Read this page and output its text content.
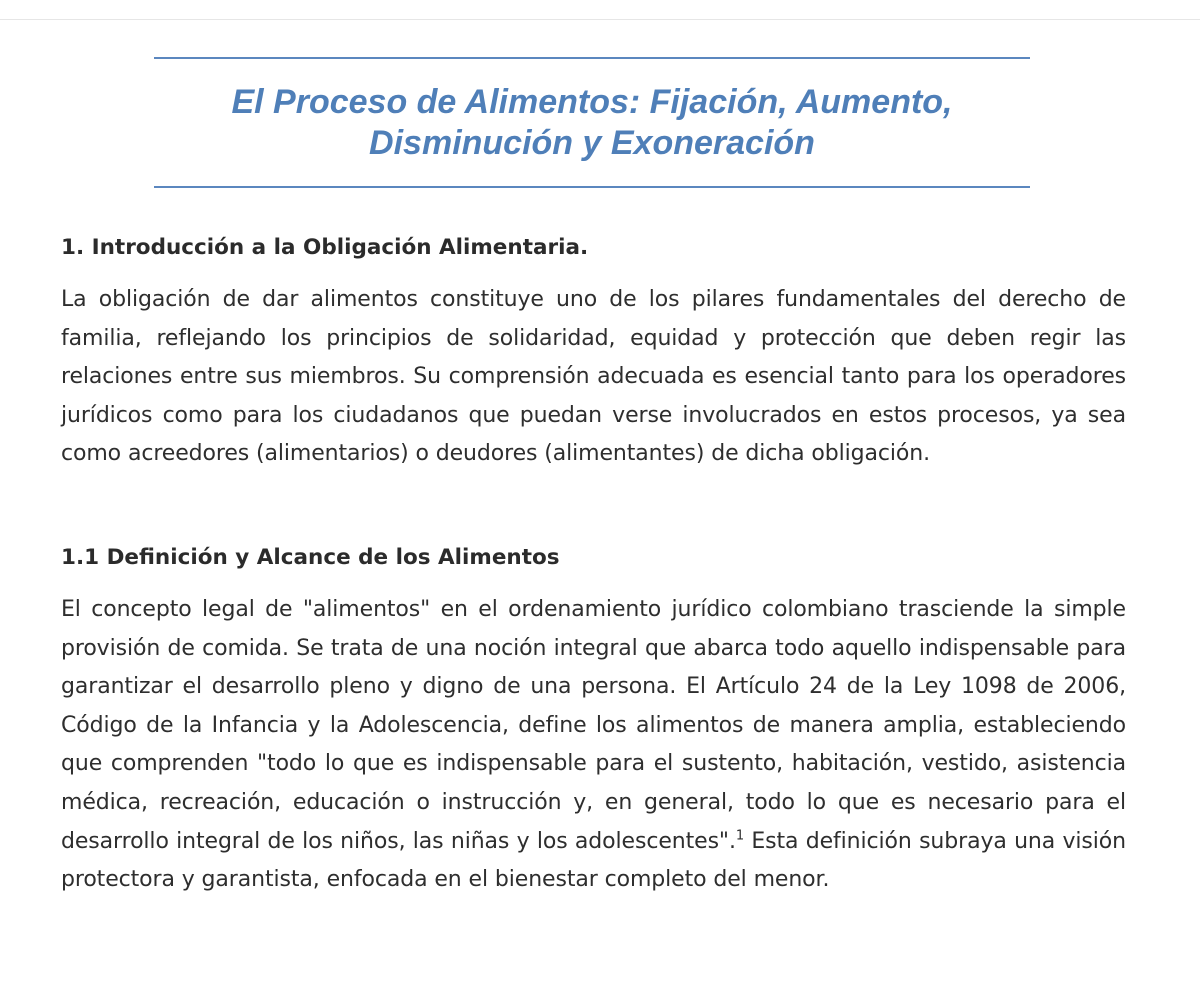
El Proceso de Alimentos: Fijación, Aumento,
Disminución y Exoneración
1. Introducción a la Obligación Alimentaria.

La obligación de dar alimentos constituye uno de los pilares fundamentales del derecho de familia, reflejando los principios de solidaridad, equidad y protección que deben regir las relaciones entre sus miembros. Su comprensión adecuada es esencial tanto para los operadores jurídicos como para los ciudadanos que puedan verse involucrados en estos procesos, ya sea como acreedores (alimentarios) o deudores (alimentantes) de dicha obligación.

1.1 Definición y Alcance de los Alimentos

El concepto legal de "alimentos" en el ordenamiento jurídico colombiano trasciende la simple provisión de comida. Se trata de una noción integral que abarca todo aquello indispensable para garantizar el desarrollo pleno y digno de una persona. El Artículo 24 de la Ley 1098 de 2006, Código de la Infancia y la Adolescencia, define los alimentos de manera amplia, estableciendo que comprenden "todo lo que es indispensable para el sustento, habitación, vestido, asistencia médica, recreación, educación o instrucción y, en general, todo lo que es necesario para el desarrollo integral de los niños, las niñas y los adolescentes".$^1$ Esta definición subraya una visión protectora y garantista, enfocada en el bienestar completo del menor.
